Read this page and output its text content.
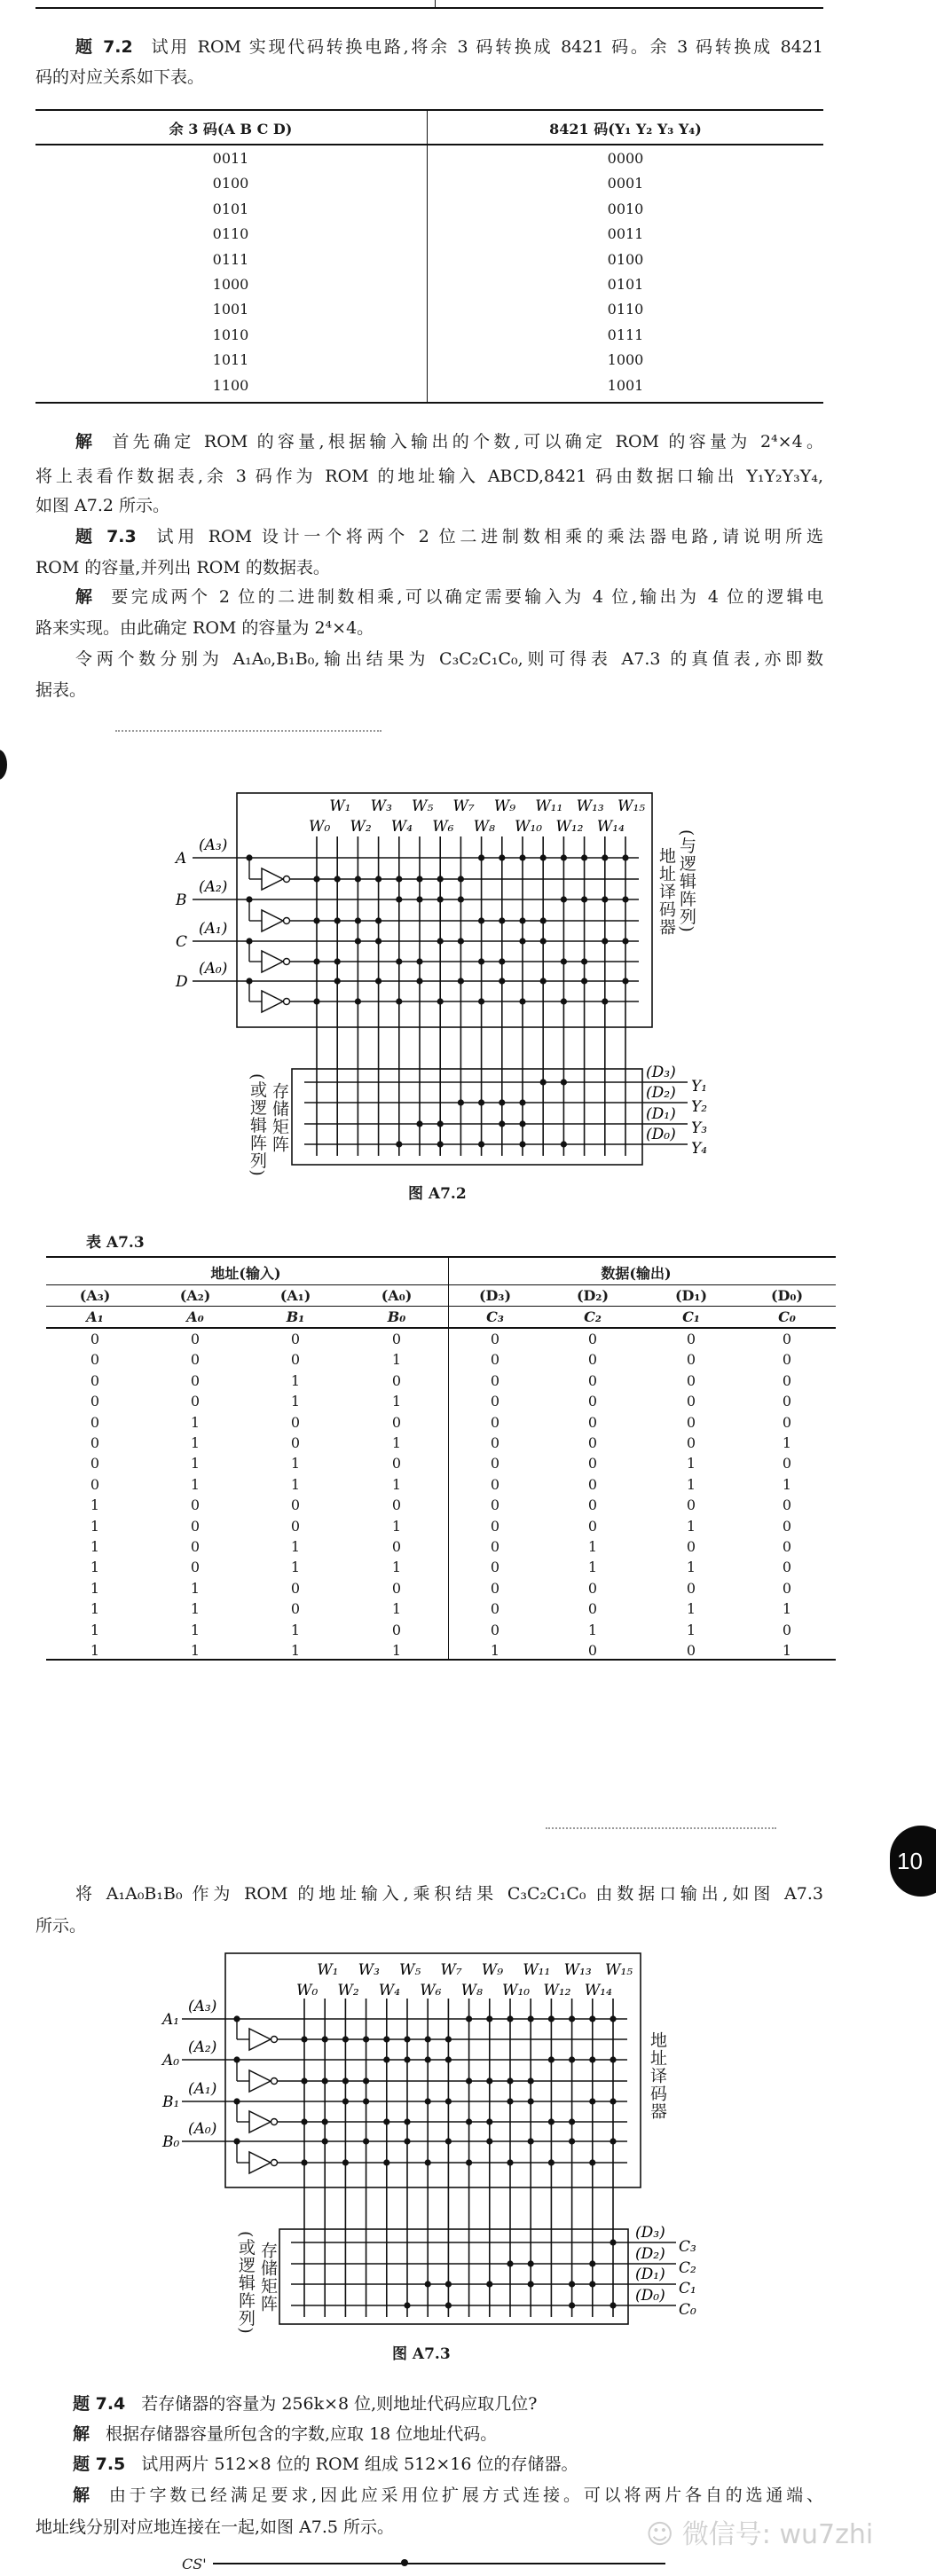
题 7.2 试用 ROM 实现代码转换电路,将余 3 码转换成 8421 码。余 3 码转换成 8421
码的对应关系如下表。
余 3 码(A B C D)	8421 码(Y₁ Y₂ Y₃ Y₄)
0011	0000
0100	0001
0101	0010
0110	0011
0111	0100
1000	0101
1001	0110
1010	0111
1011	1000
1100	1001
解 首先确定 ROM 的容量,根据输入输出的个数,可以确定 ROM 的容量为 2⁴×4。
将上表看作数据表,余 3 码作为 ROM 的地址输入 ABCD,8421 码由数据口输出 Y₁Y₂Y₃Y₄,
如图 A7.2 所示。
题 7.3 试用 ROM 设计一个将两个 2 位二进制数相乘的乘法器电路,请说明所选
ROM 的容量,并列出 ROM 的数据表。
解 要完成两个 2 位的二进制数相乘,可以确定需要输入为 4 位,输出为 4 位的逻辑电
路来实现。由此确定 ROM 的容量为 2⁴×4。
令两个数分别为 A₁A₀,B₁B₀,输出结果为 C₃C₂C₁C₀,则可得表 A7.3 的真值表,亦即数
据表。
W₀
W₁
W₂
W₃
W₄
W₅
W₆
W₇
W₈
W₉
W₁₀
W₁₁
W₁₂
W₁₃
W₁₄
W₁₅
A
(A₃)
B
(A₂)
C
(A₁)
D
(A₀)
(D₃)
Y₁
(D₂)
Y₂
(D₁)
Y₃
(D₀)
Y₄
地址译码器 (与逻辑阵列)
存储矩阵
(或逻辑阵列)
图 A7.2
表 A7.3
地址(输入)	数据(输出)
(A₃)	(A₂)	(A₁)	(A₀)	(D₃)	(D₂)	(D₁)	(D₀)
A₁	A₀	B₁	B₀	C₃	C₂	C₁	C₀
0	0	0	0	0	0	0	0
0	0	0	1	0	0	0	0
0	0	1	0	0	0	0	0
0	0	1	1	0	0	0	0
0	1	0	0	0	0	0	0
0	1	0	1	0	0	0	1
0	1	1	0	0	0	1	0
0	1	1	1	0	0	1	1
1	0	0	0	0	0	0	0
1	0	0	1	0	0	1	0
1	0	1	0	0	1	0	0
1	0	1	1	0	1	1	0
1	1	0	0	0	0	0	0
1	1	0	1	0	0	1	1
1	1	1	0	0	1	1	0
1	1	1	1	1	0	0	1
10
将 A₁A₀B₁B₀ 作为 ROM 的地址输入,乘积结果 C₃C₂C₁C₀ 由数据口输出,如图 A7.3
所示。
W₀
W₁
W₂
W₃
W₄
W₅
W₆
W₇
W₈
W₉
W₁₀
W₁₁
W₁₂
W₁₃
W₁₄
W₁₅
A₁
(A₃)
A₀
(A₂)
B₁
(A₁)
B₀
(A₀)
(D₃)
C₃
(D₂)
C₂
(D₁)
C₁
(D₀)
C₀
地址译码器
存储矩阵
(或逻辑阵列)
图 A7.3
题 7.4 若存储器的容量为 256k×8 位,则地址代码应取几位?
解 根据存储器容量所包含的字数,应取 18 位地址代码。
题 7.5 试用两片 512×8 位的 ROM 组成 512×16 位的存储器。
解 由于字数已经满足要求,因此应采用位扩展方式连接。可以将两片各自的选通端、
地址线分别对应地连接在一起,如图 A7.5 所示。
CS'
☺ 微信号: wu7zhi
